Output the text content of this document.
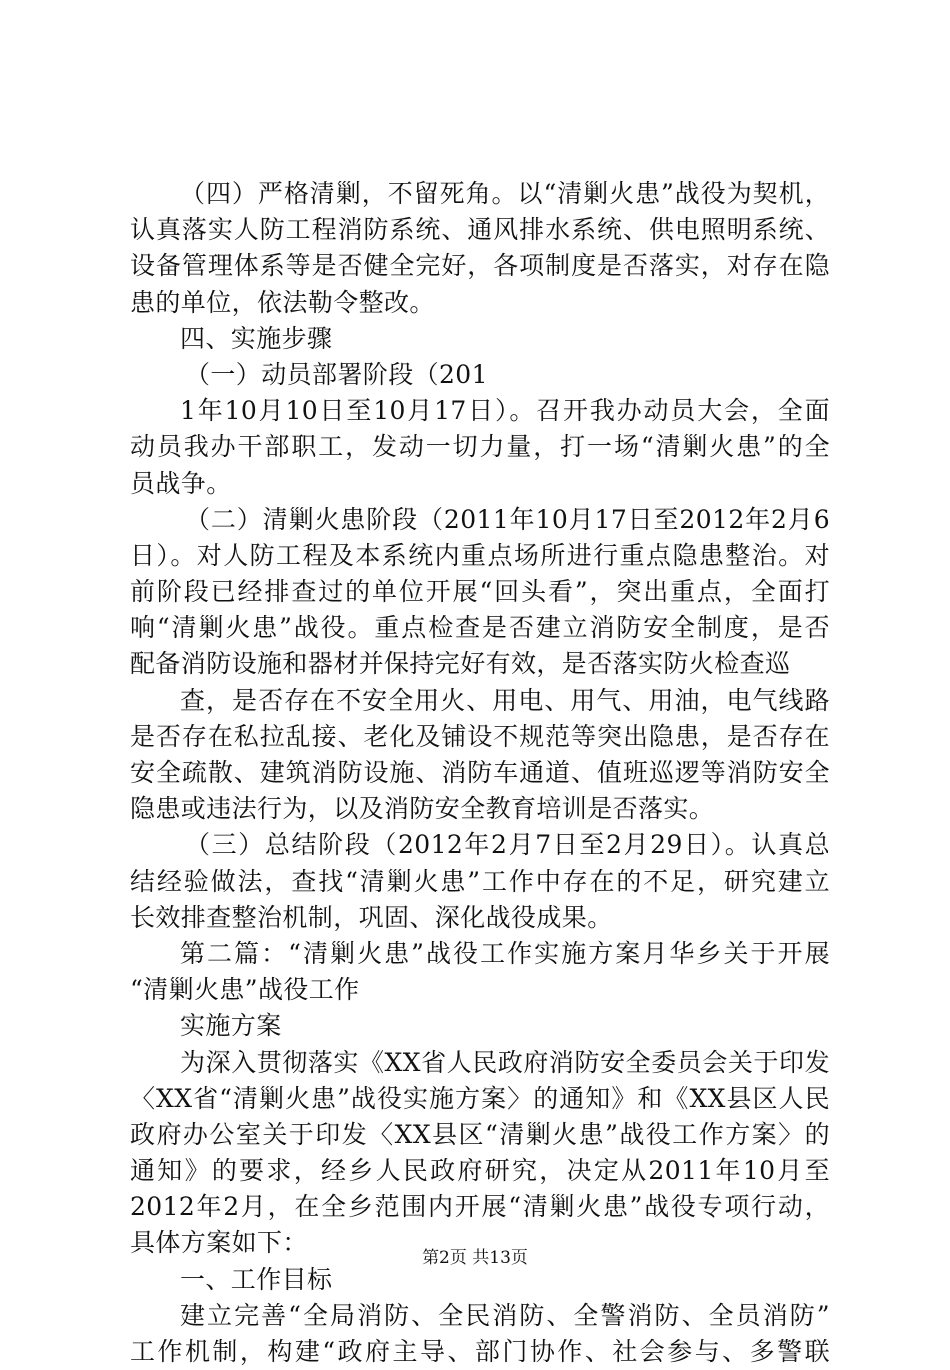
（四）严格清剿，不留死角。以“清剿火患”战役为契机，
认真落实人防工程消防系统、通风排水系统、供电照明系统、
设备管理体系等是否健全完好，各项制度是否落实，对存在隐
患的单位，依法勒令整改。
四、实施步骤
（一）动员部署阶段（201
1年10月10日至10月17日）。召开我办动员大会，全面
动员我办干部职工，发动一切力量，打一场“清剿火患”的全
员战争。
（二）清剿火患阶段（2011年10月17日至2012年2月6
日）。对人防工程及本系统内重点场所进行重点隐患整治。对
前阶段已经排查过的单位开展“回头看”，突出重点，全面打
响“清剿火患”战役。重点检查是否建立消防安全制度，是否
配备消防设施和器材并保持完好有效，是否落实防火检查巡
查，是否存在不安全用火、用电、用气、用油，电气线路
是否存在私拉乱接、老化及铺设不规范等突出隐患，是否存在
安全疏散、建筑消防设施、消防车通道、值班巡逻等消防安全
隐患或违法行为，以及消防安全教育培训是否落实。
（三）总结阶段（2012年2月7日至2月29日）。认真总
结经验做法，查找“清剿火患”工作中存在的不足，研究建立
长效排查整治机制，巩固、深化战役成果。
第二篇：“清剿火患”战役工作实施方案月华乡关于开展
“清剿火患”战役工作
实施方案
为深入贯彻落实《XX省人民政府消防安全委员会关于印发
〈XX省“清剿火患”战役实施方案〉的通知》和《XX县区人民
政府办公室关于印发〈XX县区“清剿火患”战役工作方案〉的
通知》的要求，经乡人民政府研究，决定从2011年10月至
2012年2月，在全乡范围内开展“清剿火患”战役专项行动，
具体方案如下：
一、工作目标
建立完善“全局消防、全民消防、全警消防、全员消防”
工作机制，构建“政府主导、部门协作、社会参与、多警联
第2页 共13页
